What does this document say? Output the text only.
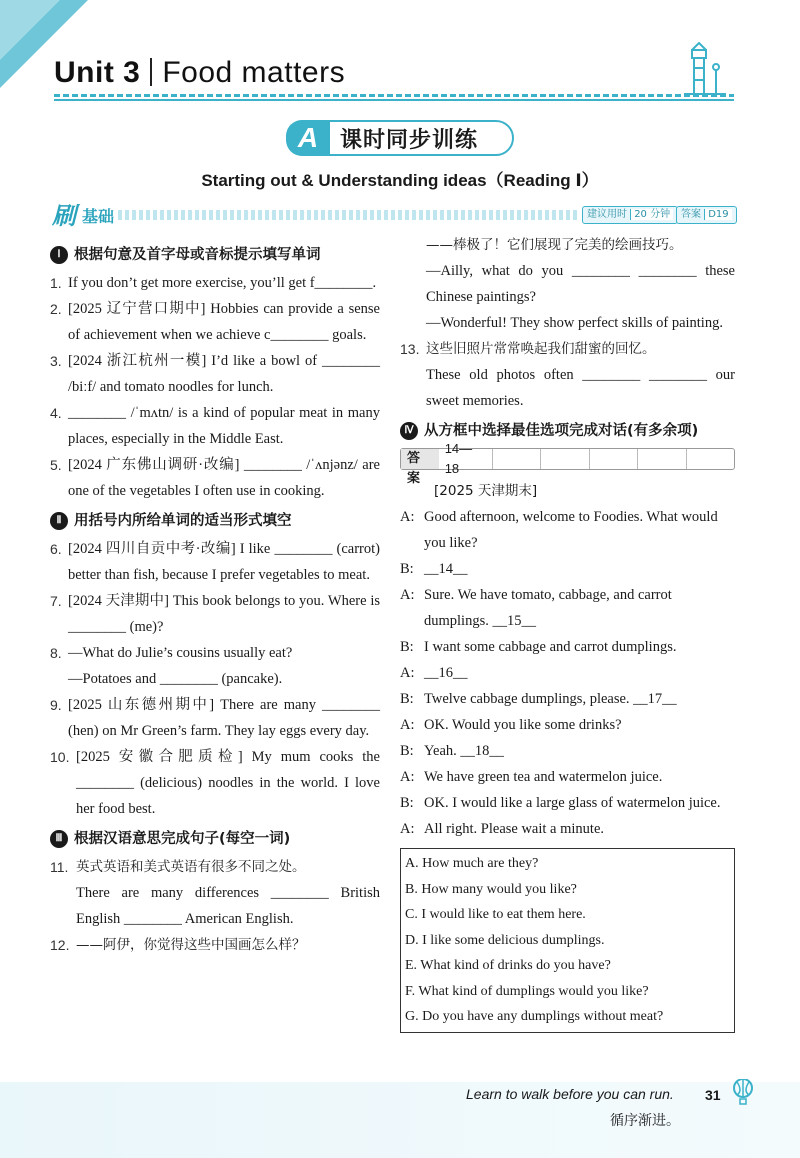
Unit 3 Food matters
A 课时同步训练
Starting out & Understanding ideas（Reading Ⅰ）
刷 基础	建议用时 20 分钟	答案 D19
Ⅰ 根据句意及首字母或音标提示填写单词
1. If you don’t get more exercise, you’ll get f________.
2. [2025 辽宁营口期中] Hobbies can provide a sense of achievement when we achieve c________ goals.
3. [2024 浙江杭州一模] I’d like a bowl of ________ /biːf/ and tomato noodles for lunch.
4. ________ /ˈmʌtn/ is a kind of popular meat in many places, especially in the Middle East.
5. [2024 广东佛山调研·改编] ________ /ˈʌnjənz/ are one of the vegetables I often use in cooking.
Ⅱ 用括号内所给单词的适当形式填空
6. [2024 四川自贡中考·改编] I like ________ (carrot) better than fish, because I prefer vegetables to meat.
7. [2024 天津期中] This book belongs to you. Where is ________ (me)?
8. —What do Julie’s cousins usually eat?
—Potatoes and ________ (pancake).
9. [2025 山东德州期中] There are many ________ (hen) on Mr Green’s farm. They lay eggs every day.
10. [2025 安徽合肥质检] My mum cooks the ________ (delicious) noodles in the world. I love her food best.
Ⅲ 根据汉语意思完成句子(每空一词)
11. 英式英语和美式英语有很多不同之处。
There are many differences ________ British English ________ American English.
12. ——阿伊，你觉得这些中国画怎么样？
——棒极了！它们展现了完美的绘画技巧。
—Ailly, what do you ________ ________ these Chinese paintings?
—Wonderful! They show perfect skills of painting.
13. 这些旧照片常常唤起我们甜蜜的回忆。
These old photos often ________ ________ our sweet memories.
Ⅳ 从方框中选择最佳选项完成对话(有多余项)
答案
14—18
[2025 天津期末]
A: Good afternoon, welcome to Foodies. What would you like?
B: __14__
A: Sure. We have tomato, cabbage, and carrot dumplings. __15__
B: I want some cabbage and carrot dumplings.
A: __16__
B: Twelve cabbage dumplings, please. __17__
A: OK. Would you like some drinks?
B: Yeah. __18__
A: We have green tea and watermelon juice.
B: OK. I would like a large glass of watermelon juice.
A: All right. Please wait a minute.
A. How much are they?
B. How many would you like?
C. I would like to eat them here.
D. I like some delicious dumplings.
E. What kind of drinks do you have?
F. What kind of dumplings would you like?
G. Do you have any dumplings without meat?
Learn to walk before you can run.
循序渐进。
31
